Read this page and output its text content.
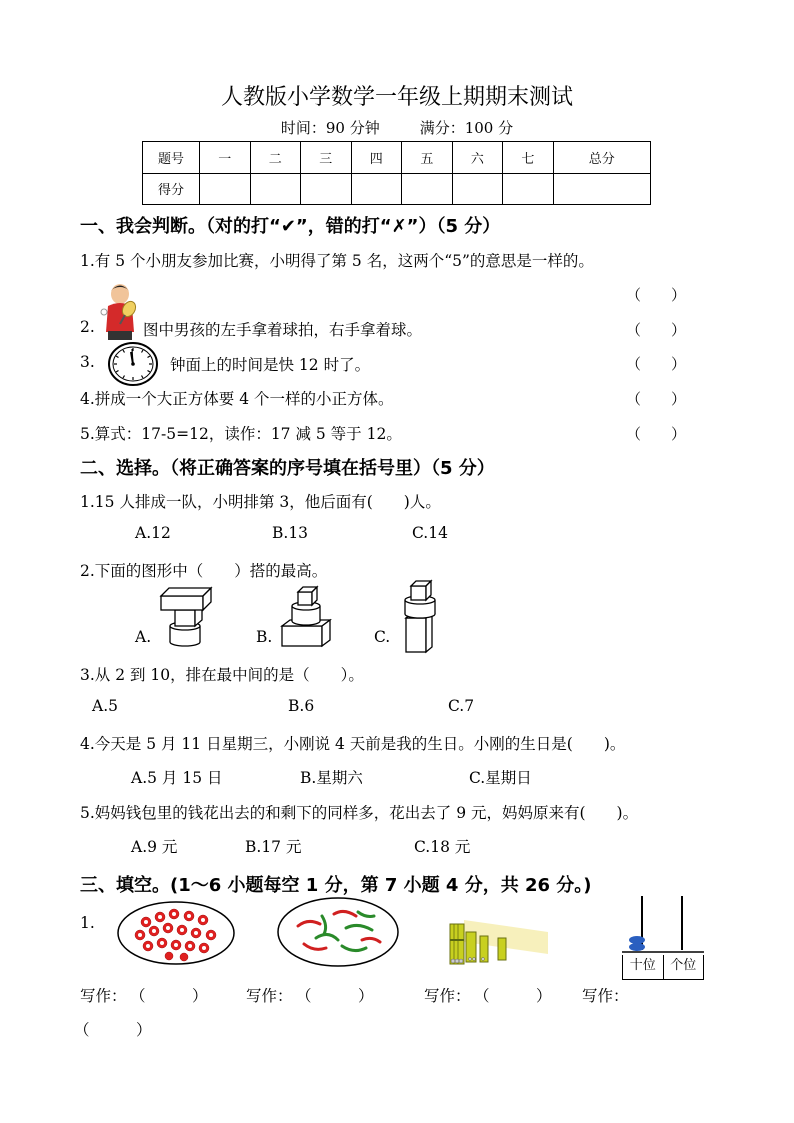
人教版小学数学一年级上期期末测试
时间：90 分钟	满分：100 分
题号	一	二	三	四	五	六	七	总分
得分								
一、我会判断。（对的打“✔”，错的打“✗”）（5 分）
1.有 5 个小朋友参加比赛，小明得了第 5 名，这两个“5”的意思是一样的。
（　　）
2.	图中男孩的左手拿着球拍，右手拿着球。	（　　）
3.	钟面上的时间是快 12 时了。	（　　）
4.拼成一个大正方体要 4 个一样的小正方体。	（　　）
5.算式：17-5=12，读作：17 减 5 等于 12。	（　　）
二、选择。（将正确答案的序号填在括号里）（5 分）
1.15 人排成一队，小明排第 3，他后面有(　　)人。
A.12	B.13	C.14
2.下面的图形中（　　）搭的最高。
A.	B.	C.
3.从 2 到 10，排在最中间的是（　　）。
A.5	B.6	C.7
4.今天是 5 月 11 日星期三，小刚说 4 天前是我的生日。小刚的生日是(　　)。
A.5 月 15 日	B.星期六	C.星期日
5.妈妈钱包里的钱花出去的和剩下的同样多，花出去了 9 元，妈妈原来有(　　)。
A.9 元	B.17 元	C.18 元
三、填空。(1～6 小题每空 1 分，第 7 小题 4 分，共 26 分。)
1.
十位	个位
写作： （　　　） 写作： （　　　）	写作： （　　　） 写作：
（　　　）
